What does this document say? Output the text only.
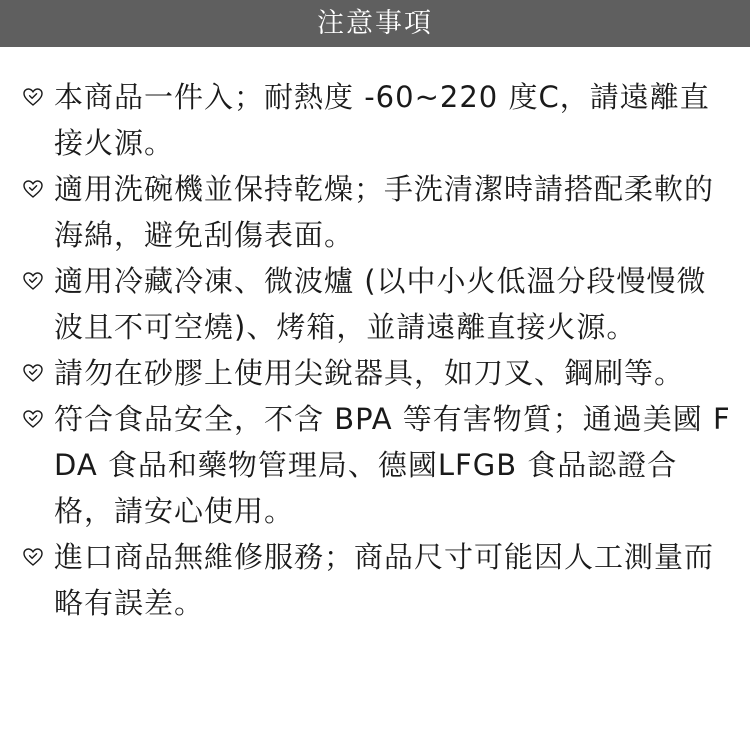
注意事項
本商品一件入；耐熱度 -60~220 度C，請遠離直接火源。
適用洗碗機並保持乾燥；手洗清潔時請搭配柔軟的海綿，避免刮傷表面。
適用冷藏冷凍、微波爐 (以中小火低溫分段慢慢微波且不可空燒)、烤箱，並請遠離直接火源。
請勿在砂膠上使用尖銳器具，如刀叉、鋼刷等。
符合食品安全，不含 BPA 等有害物質；通過美國 FDA 食品和藥物管理局、德國LFGB 食品認證合格，請安心使用。
進口商品無維修服務；商品尺寸可能因人工測量而略有誤差。
